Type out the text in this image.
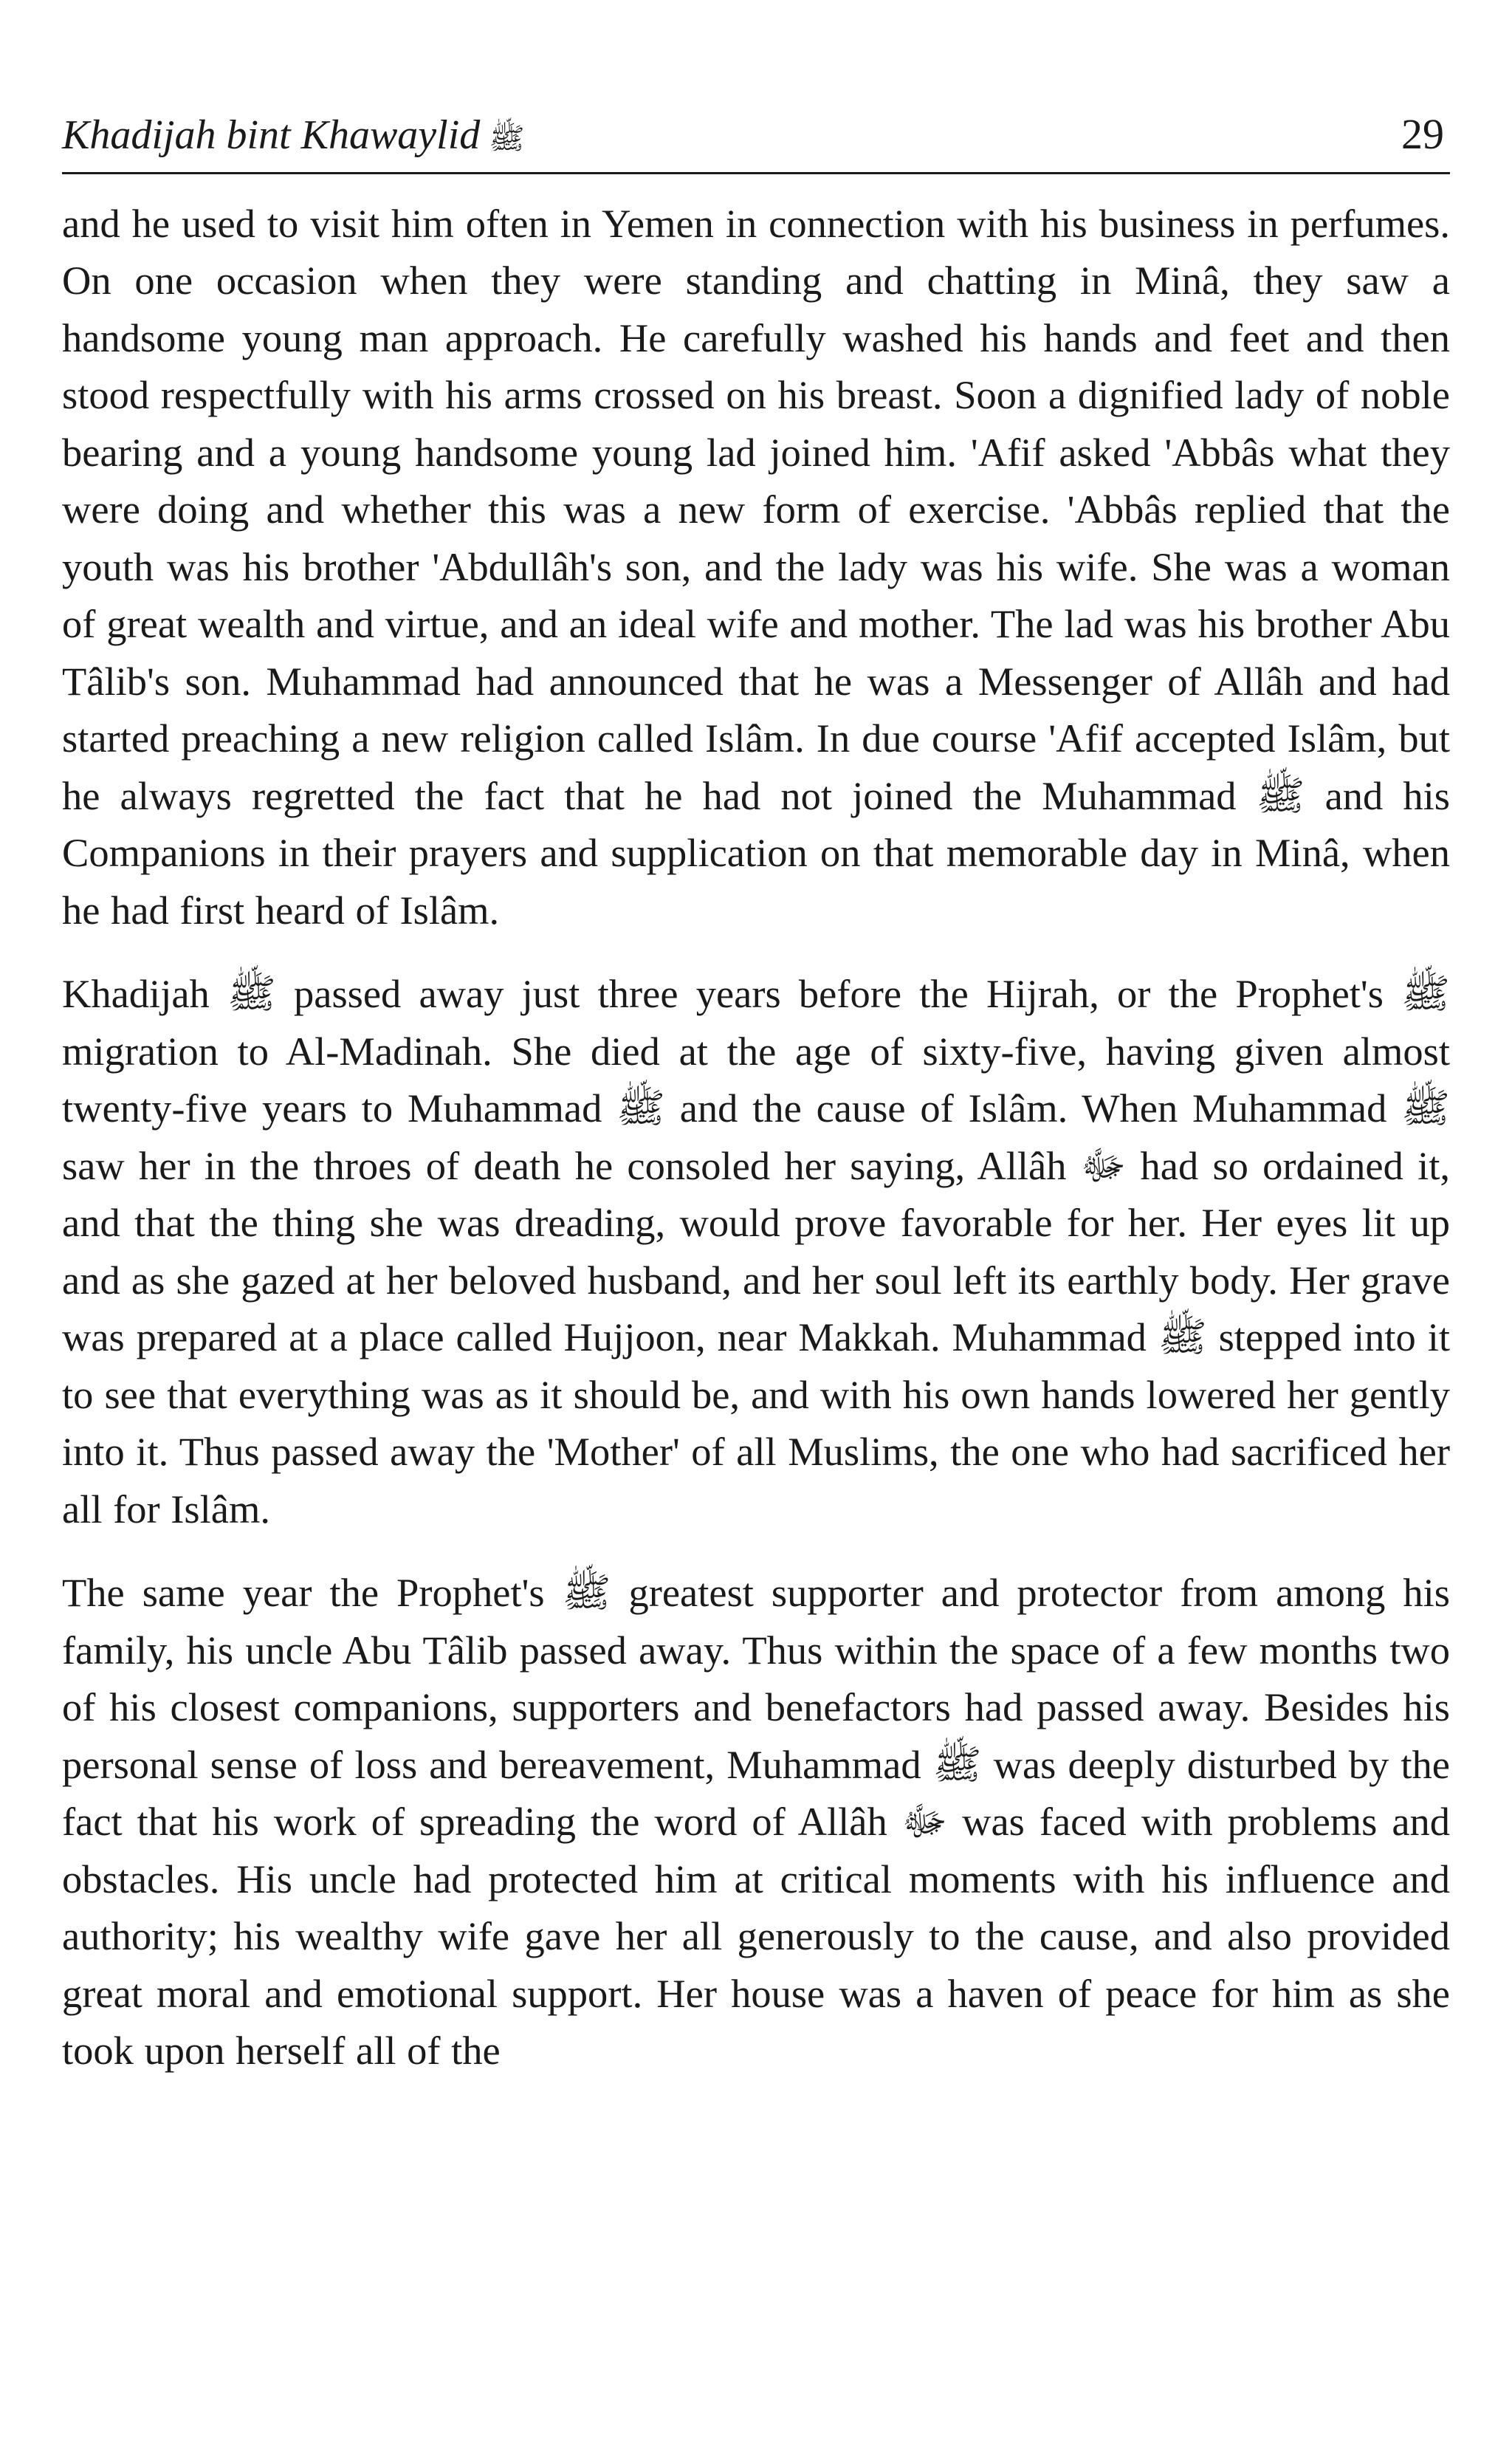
Khadijah bint Khawaylid ﷺ	29

and he used to visit him often in Yemen in connection with his business in perfumes. On one occasion when they were standing and chatting in Minâ, they saw a handsome young man approach. He carefully washed his hands and feet and then stood respectfully with his arms crossed on his breast. Soon a dignified lady of noble bearing and a young handsome young lad joined him. 'Afif asked 'Abbâs what they were doing and whether this was a new form of exercise. 'Abbâs replied that the youth was his brother 'Abdullâh's son, and the lady was his wife. She was a woman of great wealth and virtue, and an ideal wife and mother. The lad was his brother Abu Tâlib's son. Muhammad had announced that he was a Messenger of Allâh and had started preaching a new religion called Islâm. In due course 'Afif accepted Islâm, but he always regretted the fact that he had not joined the Muhammad ﷺ and his Companions in their prayers and supplication on that memorable day in Minâ, when he had first heard of Islâm.

Khadijah ﷺ passed away just three years before the Hijrah, or the Prophet's ﷺ migration to Al-Madinah. She died at the age of sixty-five, having given almost twenty-five years to Muhammad ﷺ and the cause of Islâm. When Muhammad ﷺ saw her in the throes of death he consoled her saying, Allâh ﷻ had so ordained it, and that the thing she was dreading, would prove favorable for her. Her eyes lit up and as she gazed at her beloved husband, and her soul left its earthly body. Her grave was prepared at a place called Hujjoon, near Makkah. Muhammad ﷺ stepped into it to see that everything was as it should be, and with his own hands lowered her gently into it. Thus passed away the 'Mother' of all Muslims, the one who had sacrificed her all for Islâm.

The same year the Prophet's ﷺ greatest supporter and protector from among his family, his uncle Abu Tâlib passed away. Thus within the space of a few months two of his closest companions, supporters and benefactors had passed away. Besides his personal sense of loss and bereavement, Muhammad ﷺ was deeply disturbed by the fact that his work of spreading the word of Allâh ﷻ was faced with problems and obstacles. His uncle had protected him at critical moments with his influence and authority; his wealthy wife gave her all generously to the cause, and also provided great moral and emotional support. Her house was a haven of peace for him as she took upon herself all of the
